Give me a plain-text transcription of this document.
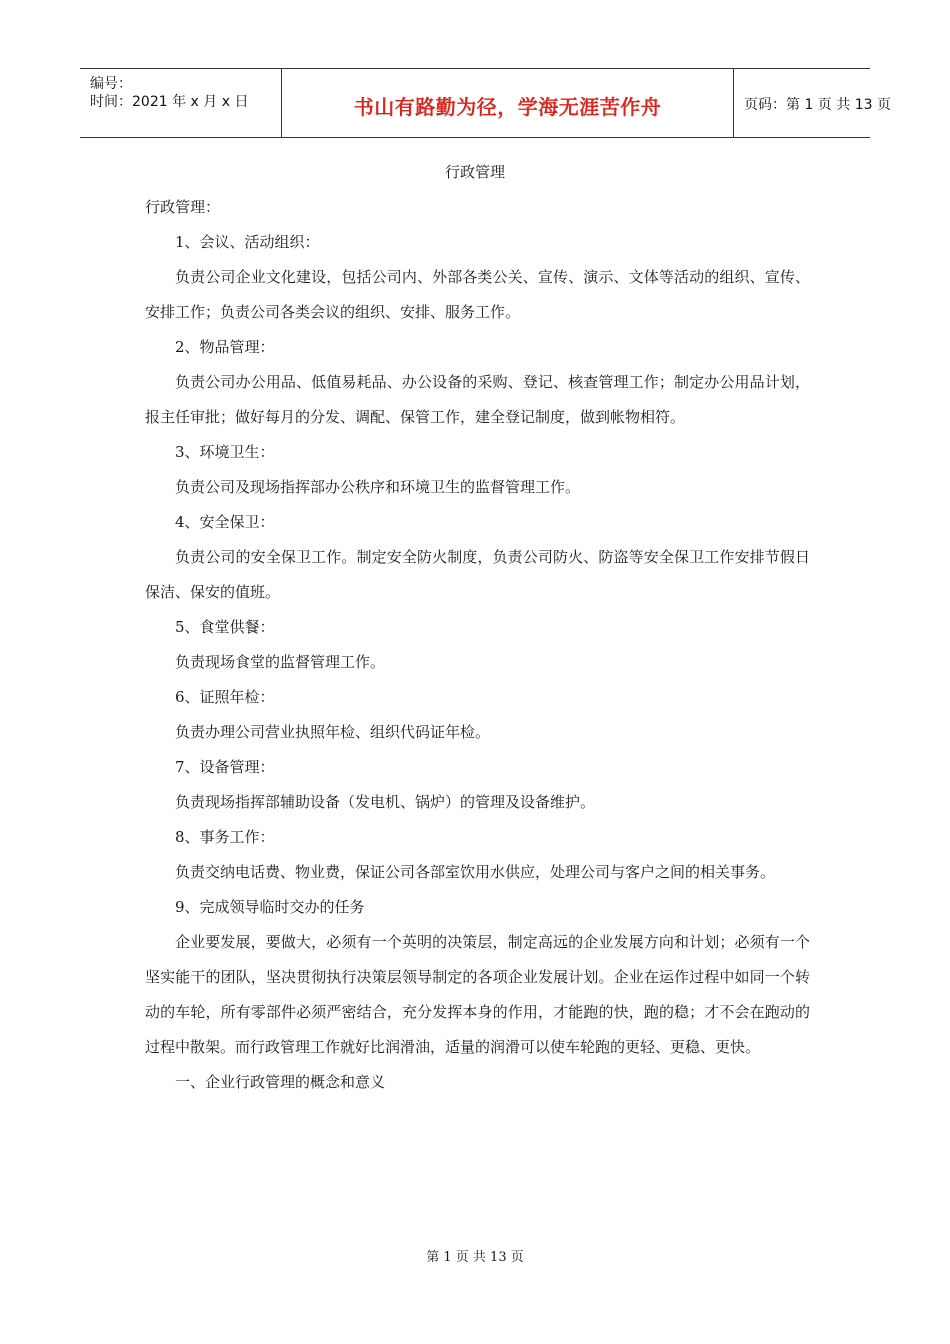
编号：
时间：2021 年 x 月 x 日	书山有路勤为径，学海无涯苦作舟	页码：第 1 页 共 13 页
行政管理

行政管理：

1、会议、活动组织：

负责公司企业文化建设，包括公司内、外部各类公关、宣传、演示、文体等活动的组织、宣传、安排工作；负责公司各类会议的组织、安排、服务工作。

2、物品管理：

负责公司办公用品、低值易耗品、办公设备的采购、登记、核查管理工作；制定办公用品计划，报主任审批；做好每月的分发、调配、保管工作，建全登记制度，做到帐物相符。

3、环境卫生：

负责公司及现场指挥部办公秩序和环境卫生的监督管理工作。

4、安全保卫：

负责公司的安全保卫工作。制定安全防火制度，负责公司防火、防盗等安全保卫工作安排节假日保洁、保安的值班。

5、食堂供餐：

负责现场食堂的监督管理工作。

6、证照年检：

负责办理公司营业执照年检、组织代码证年检。

7、设备管理：

负责现场指挥部辅助设备（发电机、锅炉）的管理及设备维护。

8、事务工作：

负责交纳电话费、物业费，保证公司各部室饮用水供应，处理公司与客户之间的相关事务。

9、完成领导临时交办的任务

企业要发展，要做大，必须有一个英明的决策层，制定高远的企业发展方向和计划；必须有一个坚实能干的团队，坚决贯彻执行决策层领导制定的各项企业发展计划。企业在运作过程中如同一个转动的车轮，所有零部件必须严密结合，充分发挥本身的作用，才能跑的快，跑的稳；才不会在跑动的过程中散架。而行政管理工作就好比润滑油，适量的润滑可以使车轮跑的更轻、更稳、更快。

一、企业行政管理的概念和意义

第 1 页 共 13 页
